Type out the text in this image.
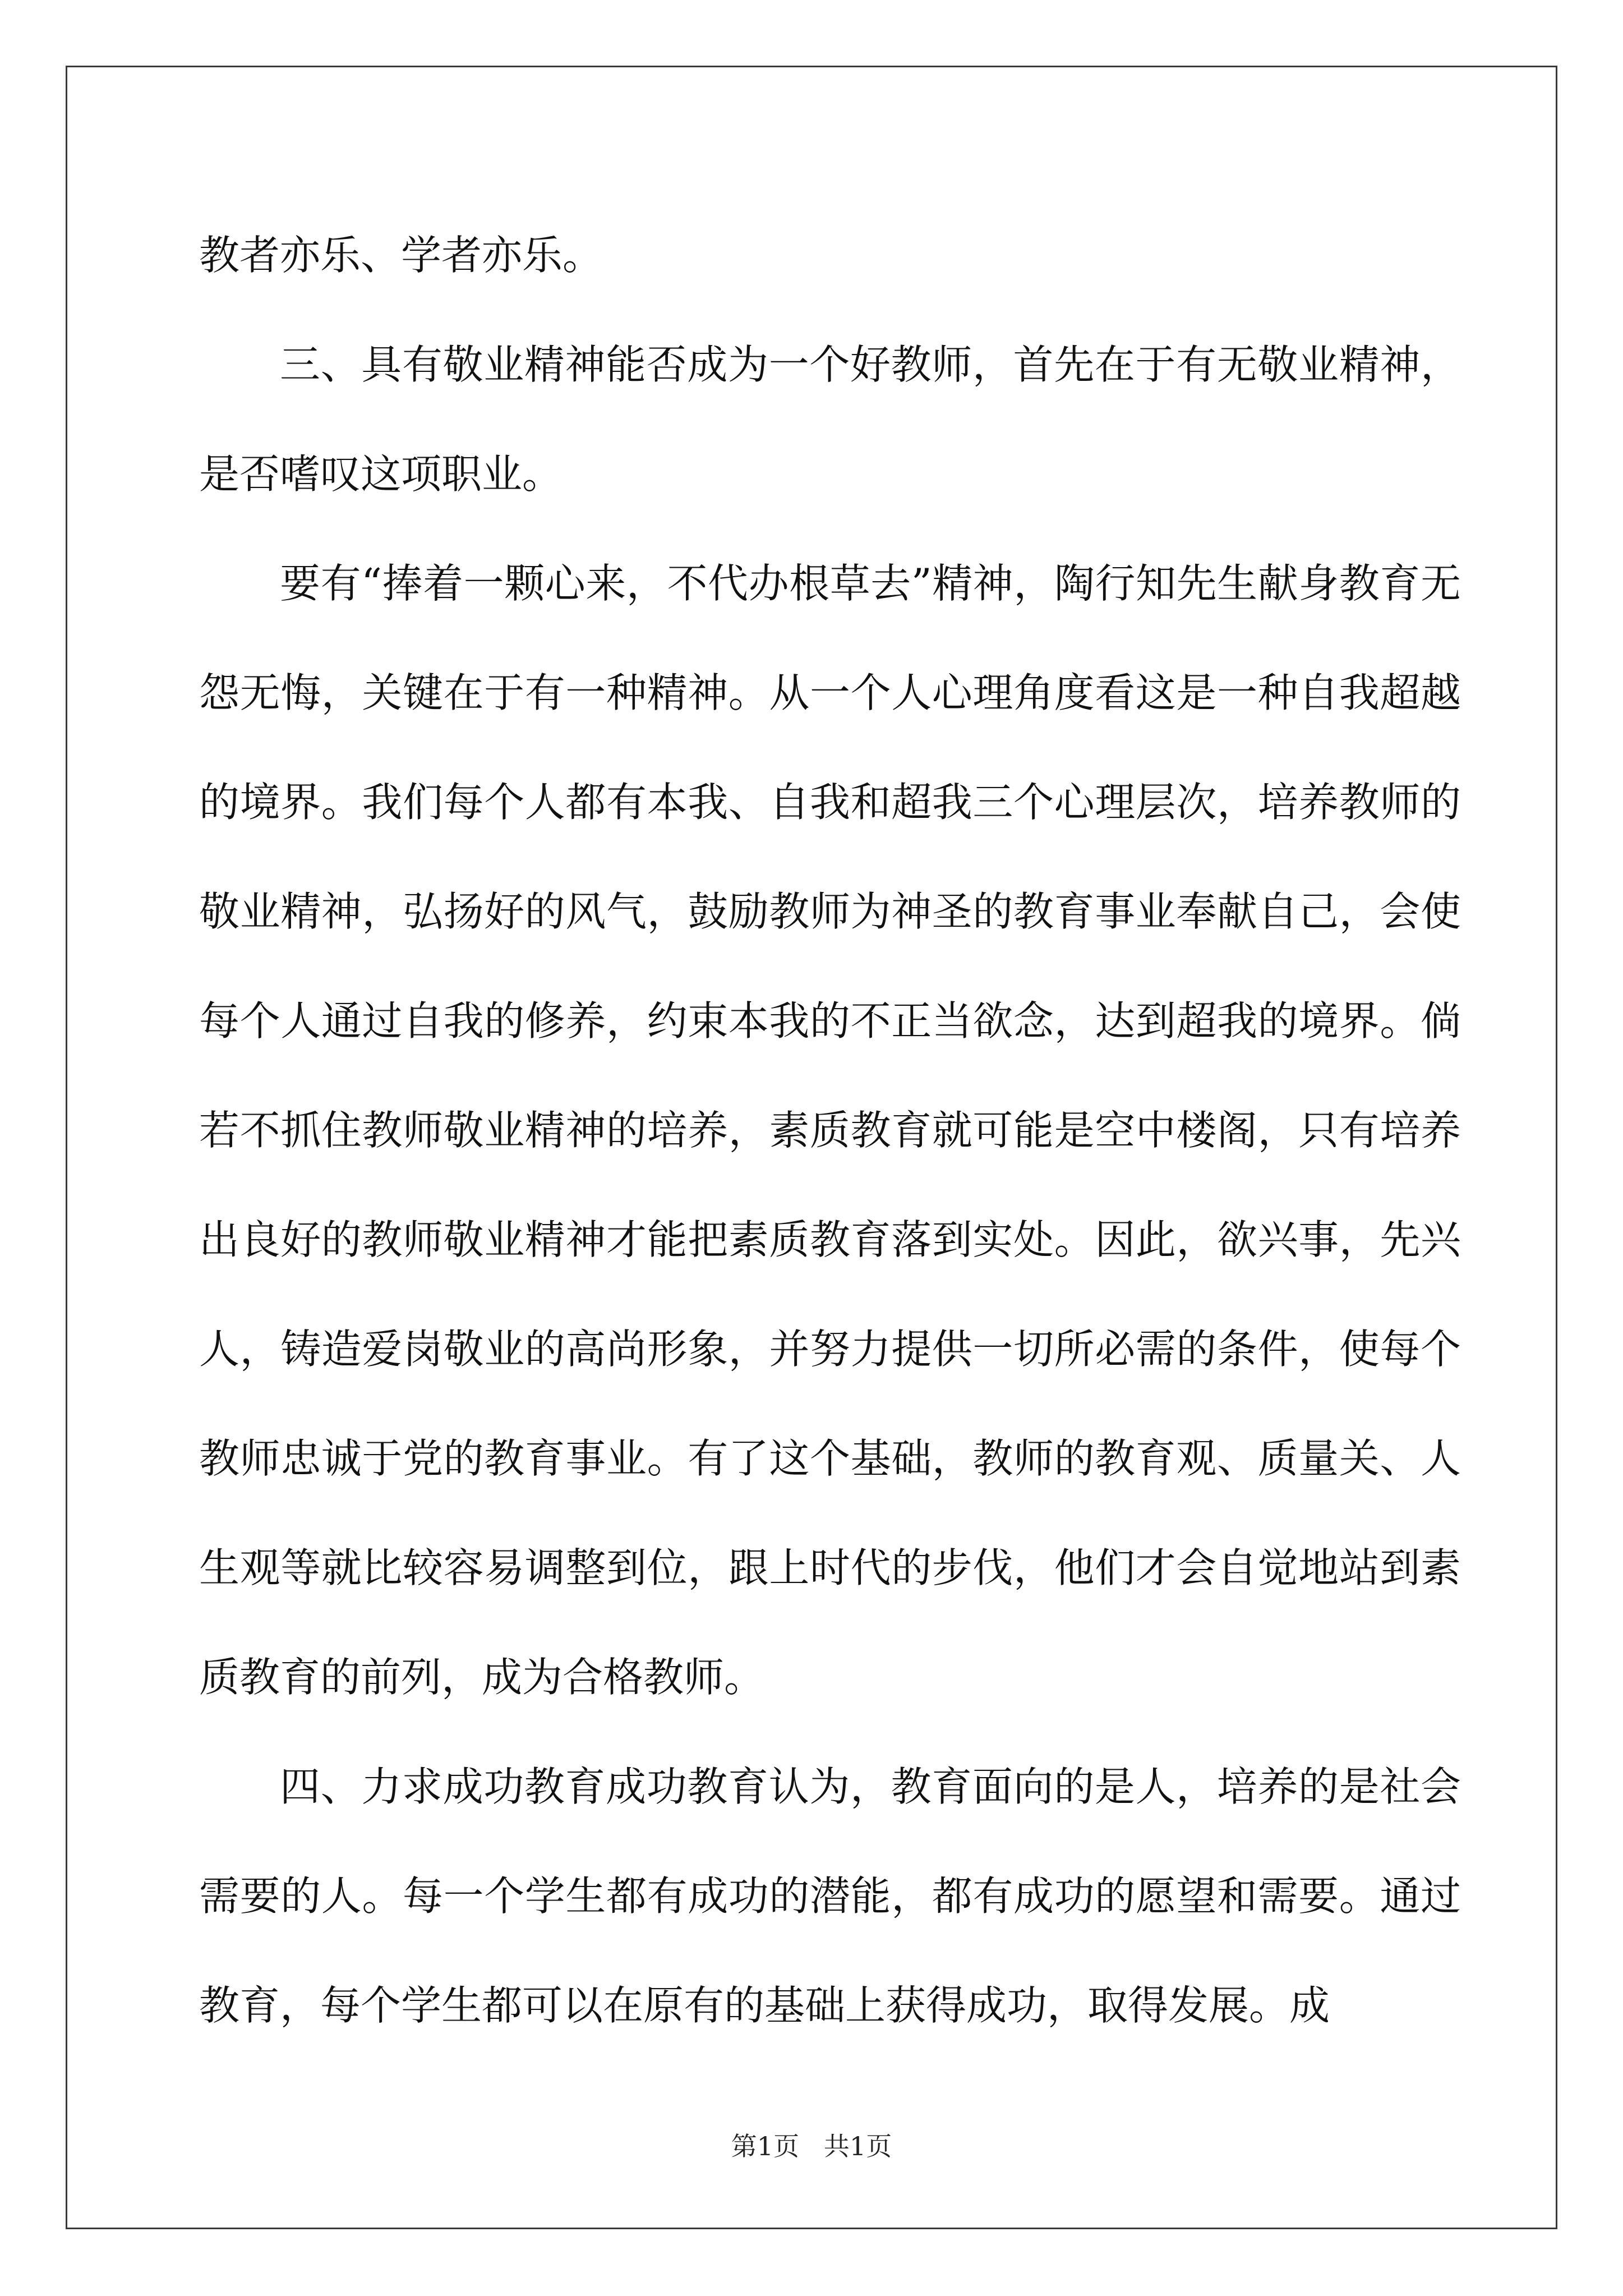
教者亦乐、学者亦乐。

三、具有敬业精神能否成为一个好教师，首先在于有无敬业精神，是否嗜叹这项职业。

要有“捧着一颗心来，不代办根草去”精神，陶行知先生献身教育无怨无悔，关键在于有一种精神。从一个人心理角度看这是一种自我超越的境界。我们每个人都有本我、自我和超我三个心理层次，培养教师的敬业精神，弘扬好的风气，鼓励教师为神圣的教育事业奉献自己，会使每个人通过自我的修养，约束本我的不正当欲念，达到超我的境界。倘若不抓住教师敬业精神的培养，素质教育就可能是空中楼阁，只有培养出良好的教师敬业精神才能把素质教育落到实处。因此，欲兴事，先兴人，铸造爱岗敬业的高尚形象，并努力提供一切所必需的条件，使每个教师忠诚于党的教育事业。有了这个基础，教师的教育观、质量关、人生观等就比较容易调整到位，跟上时代的步伐，他们才会自觉地站到素质教育的前列，成为合格教师。

四、力求成功教育成功教育认为，教育面向的是人，培养的是社会需要的人。每一个学生都有成功的潜能，都有成功的愿望和需要。通过教育，每个学生都可以在原有的基础上获得成功，取得发展。成

第1页   共1页
